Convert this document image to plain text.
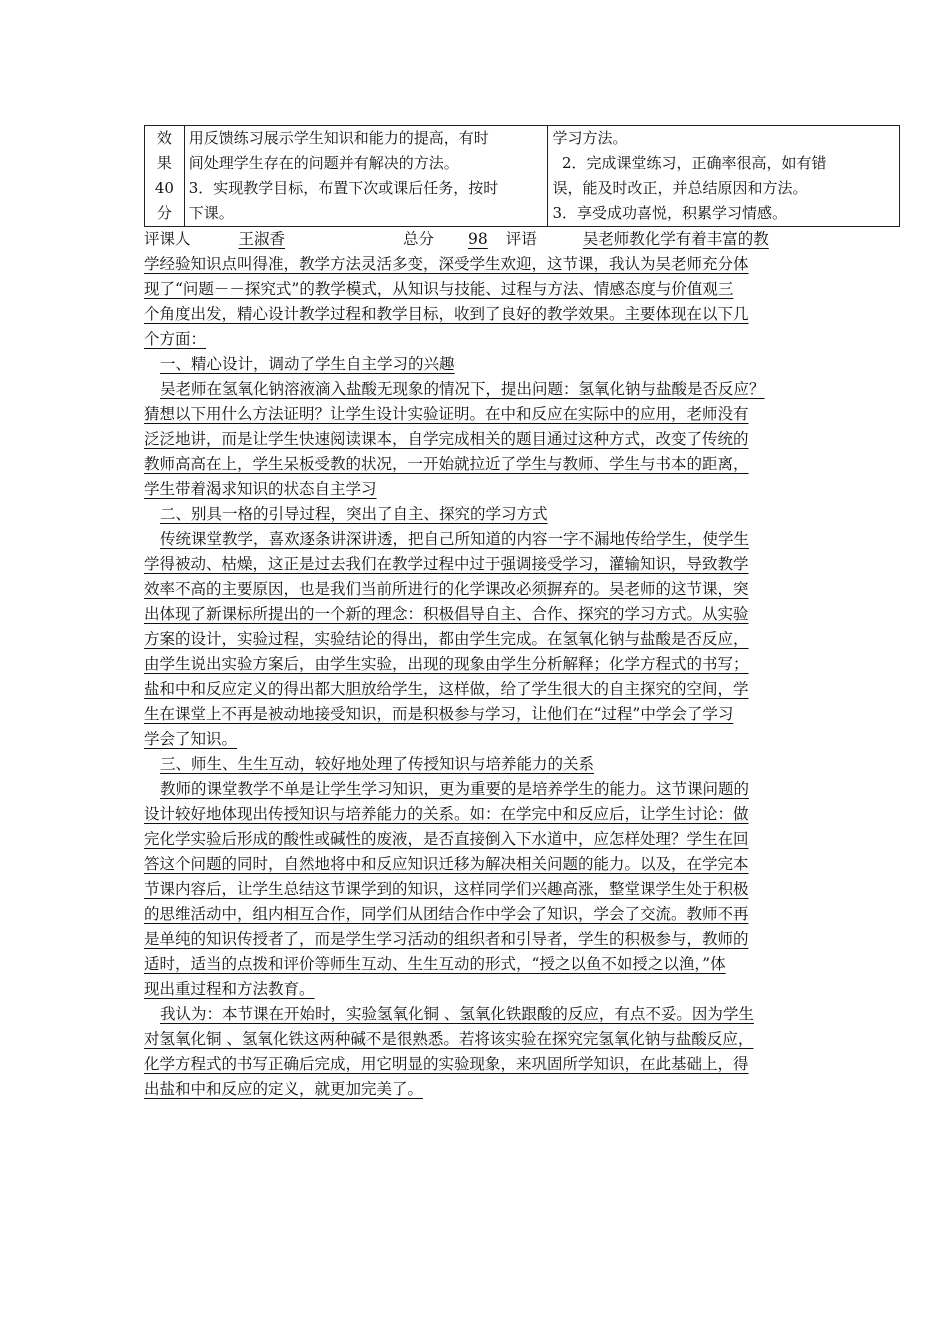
效
果
40
分

用反馈练习展示学生知识和能力的提高，有时
间处理学生存在的问题并有解决的方法。
3．实现教学目标，布置下次或课后任务，按时
下课。

学习方法。
2．完成课堂练习，正确率很高，如有错
误，能及时改正，并总结原因和方法。
3．享受成功喜悦，积累学习情感。
评课人	王淑香	总分 98 评语	吴老师教化学有着丰富的教
学经验知识点叫得准，教学方法灵活多变，深受学生欢迎，这节课，我认为吴老师充分体
现了“问题－－探究式”的教学模式，从知识与技能、过程与方法、情感态度与价值观三
个角度出发，精心设计教学过程和教学目标，收到了良好的教学效果。主要体现在以下几
个方面：
一、精心设计，调动了学生自主学习的兴趣
吴老师在氢氧化钠溶液滴入盐酸无现象的情况下，提出问题：氢氧化钠与盐酸是否反应？
猜想以下用什么方法证明？让学生设计实验证明。在中和反应在实际中的应用，老师没有
泛泛地讲，而是让学生快速阅读课本，自学完成相关的题目通过这种方式，改变了传统的
教师高高在上，学生呆板受教的状况，一开始就拉近了学生与教师、学生与书本的距离，
学生带着渴求知识的状态自主学习
二、别具一格的引导过程，突出了自主、探究的学习方式
传统课堂教学，喜欢逐条讲深讲透，把自己所知道的内容一字不漏地传给学生，使学生
学得被动、枯燥，这正是过去我们在教学过程中过于强调接受学习，灌输知识，导致教学
效率不高的主要原因，也是我们当前所进行的化学课改必须摒弃的。吴老师的这节课，突
出体现了新课标所提出的一个新的理念：积极倡导自主、合作、探究的学习方式。从实验
方案的设计，实验过程，实验结论的得出，都由学生完成。在氢氧化钠与盐酸是否反应，
由学生说出实验方案后，由学生实验，出现的现象由学生分析解释；化学方程式的书写；
盐和中和反应定义的得出都大胆放给学生，这样做，给了学生很大的自主探究的空间，学
生在课堂上不再是被动地接受知识，而是积极参与学习，让他们在“过程”中学会了学习
学会了知识。
三、师生、生生互动，较好地处理了传授知识与培养能力的关系
教师的课堂教学不单是让学生学习知识，更为重要的是培养学生的能力。这节课问题的
设计较好地体现出传授知识与培养能力的关系。如：在学完中和反应后，让学生讨论：做
完化学实验后形成的酸性或碱性的废液，是否直接倒入下水道中，应怎样处理？学生在回
答这个问题的同时，自然地将中和反应知识迁移为解决相关问题的能力。以及，在学完本
节课内容后，让学生总结这节课学到的知识，这样同学们兴趣高涨，整堂课学生处于积极
的思维活动中，组内相互合作，同学们从团结合作中学会了知识，学会了交流。教师不再
是单纯的知识传授者了，而是学生学习活动的组织者和引导者，学生的积极参与，教师的
适时，适当的点拨和评价等师生互动、生生互动的形式，“授之以鱼不如授之以渔，”体
现出重过程和方法教育。
我认为：本节课在开始时，实验氢氧化铜 、氢氧化铁跟酸的反应，有点不妥。因为学生
对氢氧化铜 、氢氧化铁这两种碱不是很熟悉。若将该实验在探究完氢氧化钠与盐酸反应，
化学方程式的书写正确后完成，用它明显的实验现象，来巩固所学知识，在此基础上，得
出盐和中和反应的定义，就更加完美了。
